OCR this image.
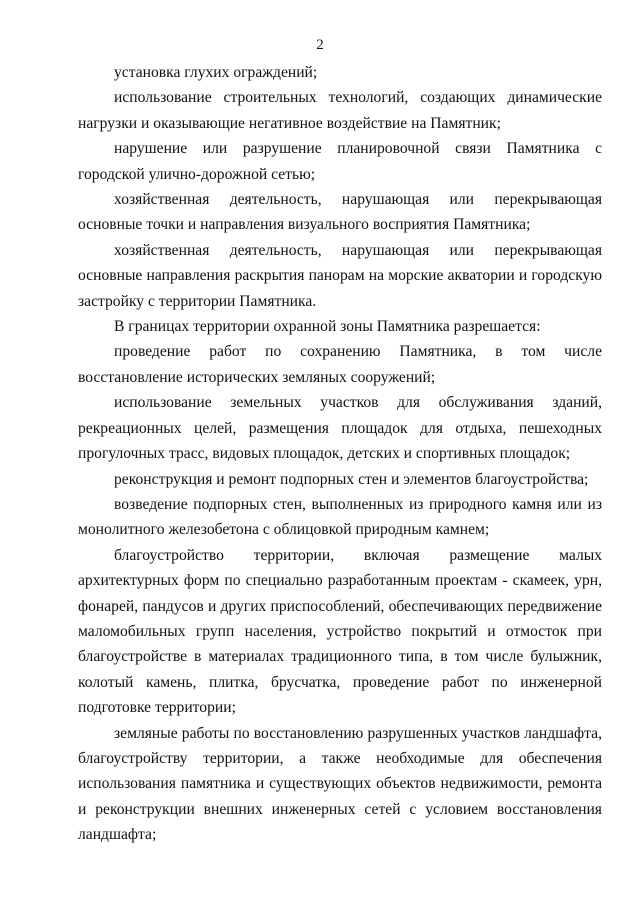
2

установка глухих ограждений;

использование строительных технологий, создающих динамические нагрузки и оказывающие негативное воздействие на Памятник;

нарушение или разрушение планировочной связи Памятника с городской улично-дорожной сетью;

хозяйственная деятельность, нарушающая или перекрывающая основные точки и направления визуального восприятия Памятника;

хозяйственная деятельность, нарушающая или перекрывающая основные направления раскрытия панорам на морские акватории и городскую застройку с территории Памятника.

В границах территории охранной зоны Памятника разрешается:

проведение работ по сохранению Памятника, в том числе восстановление исторических земляных сооружений;

использование земельных участков для обслуживания зданий, рекреационных целей, размещения площадок для отдыха, пешеходных прогулочных трасс, видовых площадок, детских и спортивных площадок;

реконструкция и ремонт подпорных стен и элементов благоустройства;

возведение подпорных стен, выполненных из природного камня или из монолитного железобетона с облицовкой природным камнем;

благоустройство территории, включая размещение малых архитектурных форм по специально разработанным проектам - скамеек, урн, фонарей, пандусов и других приспособлений, обеспечивающих передвижение маломобильных групп населения, устройство покрытий и отмосток при благоустройстве в материалах традиционного типа, в том числе булыжник, колотый камень, плитка, брусчатка, проведение работ по инженерной подготовке территории;

земляные работы по восстановлению разрушенных участков ландшафта, благоустройству территории, а также необходимые для обеспечения использования памятника и существующих объектов недвижимости, ремонта и реконструкции внешних инженерных сетей с условием восстановления ландшафта;
